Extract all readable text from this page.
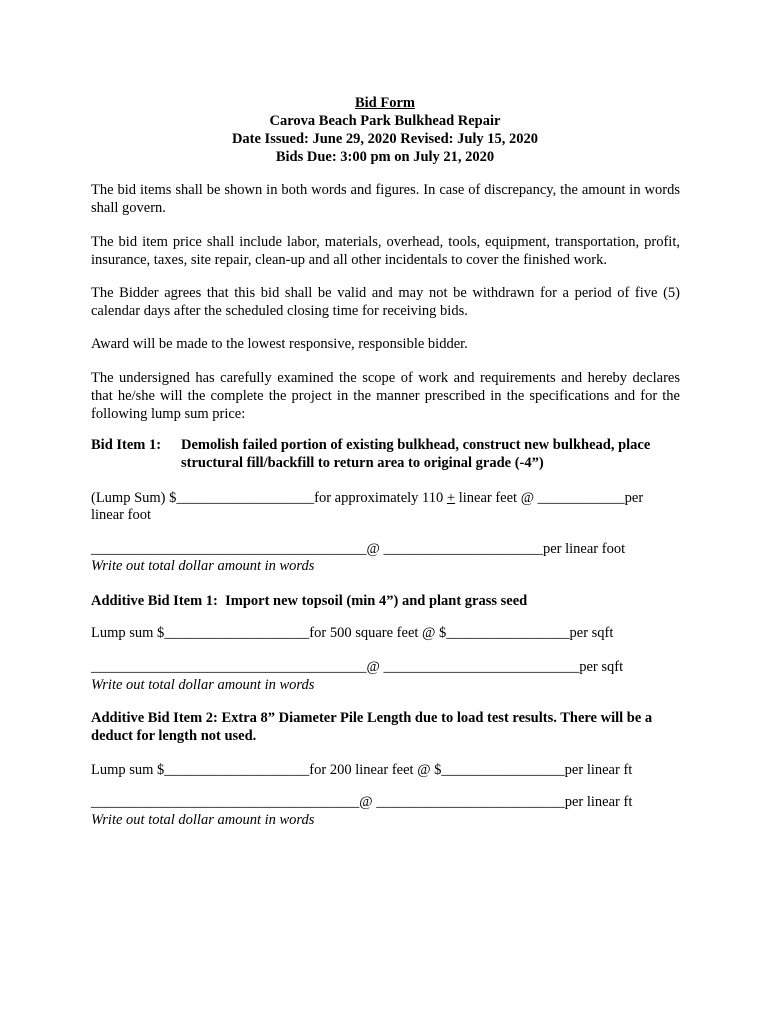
Bid Form
Carova Beach Park Bulkhead Repair
Date Issued: June 29, 2020 Revised: July 15, 2020
Bids Due: 3:00 pm on July 21, 2020
The bid items shall be shown in both words and figures. In case of discrepancy, the amount in words shall govern.
The bid item price shall include labor, materials, overhead, tools, equipment, transportation, profit, insurance, taxes, site repair, clean-up and all other incidentals to cover the finished work.
The Bidder agrees that this bid shall be valid and may not be withdrawn for a period of five (5) calendar days after the scheduled closing time for receiving bids.
Award will be made to the lowest responsive, responsible bidder.
The undersigned has carefully examined the scope of work and requirements and hereby declares that he/she will the complete the project in the manner prescribed in the specifications and for the following lump sum price:
Bid Item 1: Demolish failed portion of existing bulkhead, construct new bulkhead, place structural fill/backfill to return area to original grade (-4”)
(Lump Sum) $___________________for approximately 110 + linear feet @ ____________per
linear foot
______________________________________@ ______________________per linear foot
Write out total dollar amount in words
Additive Bid Item 1:  Import new topsoil (min 4”) and plant grass seed
Lump sum $____________________for 500 square feet @ $_________________per sqft
______________________________________@ ___________________________per sqft
Write out total dollar amount in words
Additive Bid Item 2: Extra 8” Diameter Pile Length due to load test results. There will be a deduct for length not used.
Lump sum $____________________for 200 linear feet @ $_________________per linear ft
_____________________________________@ __________________________per linear ft
Write out total dollar amount in words
